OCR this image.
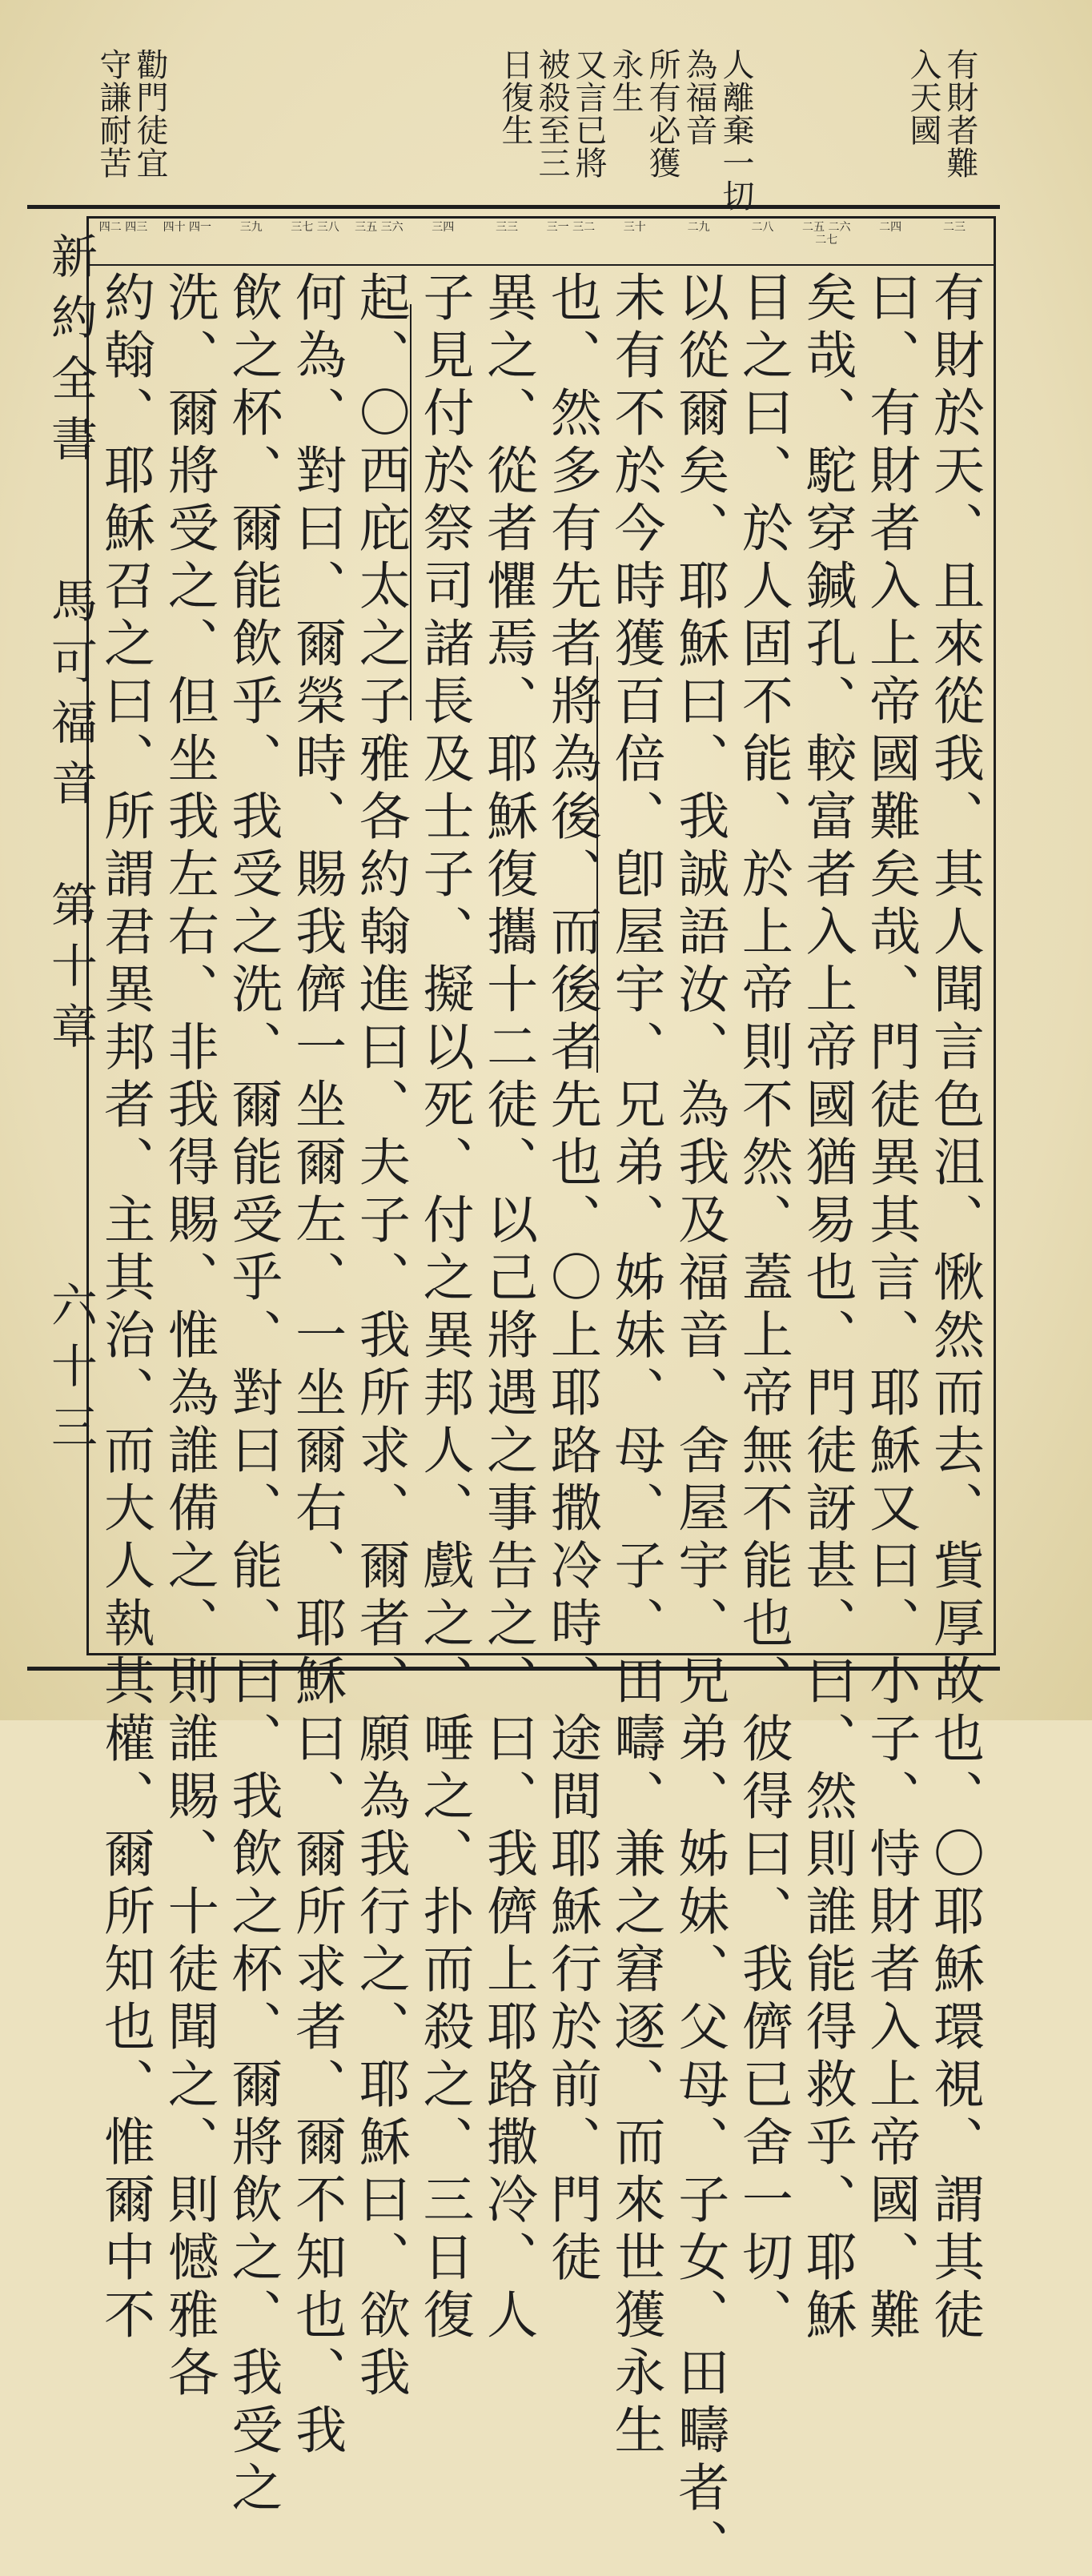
有財者難
入天國
人離棄一切
為福音
所有必獲
永生
又言已將
被殺至三
日復生
勸門徒宜
守謙耐苦
新約全書
馬可福音
第十章
六十三
二三
二四
二五 二六 二七
二八
二九
三十
三一 三二
三三
三四
三五 三六
三七 三八
三九
四十 四一
四二 四三
有財於天、且來從我、其人聞言色沮、愀然而去、貲厚故也、〇耶穌環視、謂其徒
曰、有財者入上帝國難矣哉、門徒異其言、耶穌又曰、小子、恃財者入上帝國、難
矣哉、駝穿鍼孔、較富者入上帝國猶易也、門徒訝甚、曰、然則誰能得救乎、耶穌
目之曰、於人固不能、於上帝則不然、蓋上帝無不能也、彼得曰、我儕已舍一切、
以從爾矣、耶穌曰、我誠語汝、為我及福音、舍屋宇、兄弟、姊妹、父母、子女、田疇者、
未有不於今時獲百倍、卽屋宇、兄弟、姊妹、母、子、田疇、兼之窘逐、而來世獲永生
也、然多有先者將為後、而後者先也、〇上耶路撒冷時、途間耶穌行於前、門徒
異之、從者懼焉、耶穌復攜十二徒、以己將遇之事告之、曰、我儕上耶路撒冷、人
子見付於祭司諸長及士子、擬以死、付之異邦人、戲之、唾之、扑而殺之、三日復
起、〇西庇太之子雅各約翰進曰、夫子、我所求、爾者、願為我行之、耶穌曰、欲我
何為、對曰、爾榮時、賜我儕一坐爾左、一坐爾右、耶穌曰、爾所求者、爾不知也、我
飲之杯、爾能飲乎、我受之洗、爾能受乎、對曰、能、曰、我飲之杯、爾將飲之、我受之
洗、爾將受之、但坐我左右、非我得賜、惟為誰備之、則誰賜、十徒聞之、則憾雅各
約翰、耶穌召之曰、所謂君異邦者、主其治、而大人執其權、爾所知也、惟爾中不
